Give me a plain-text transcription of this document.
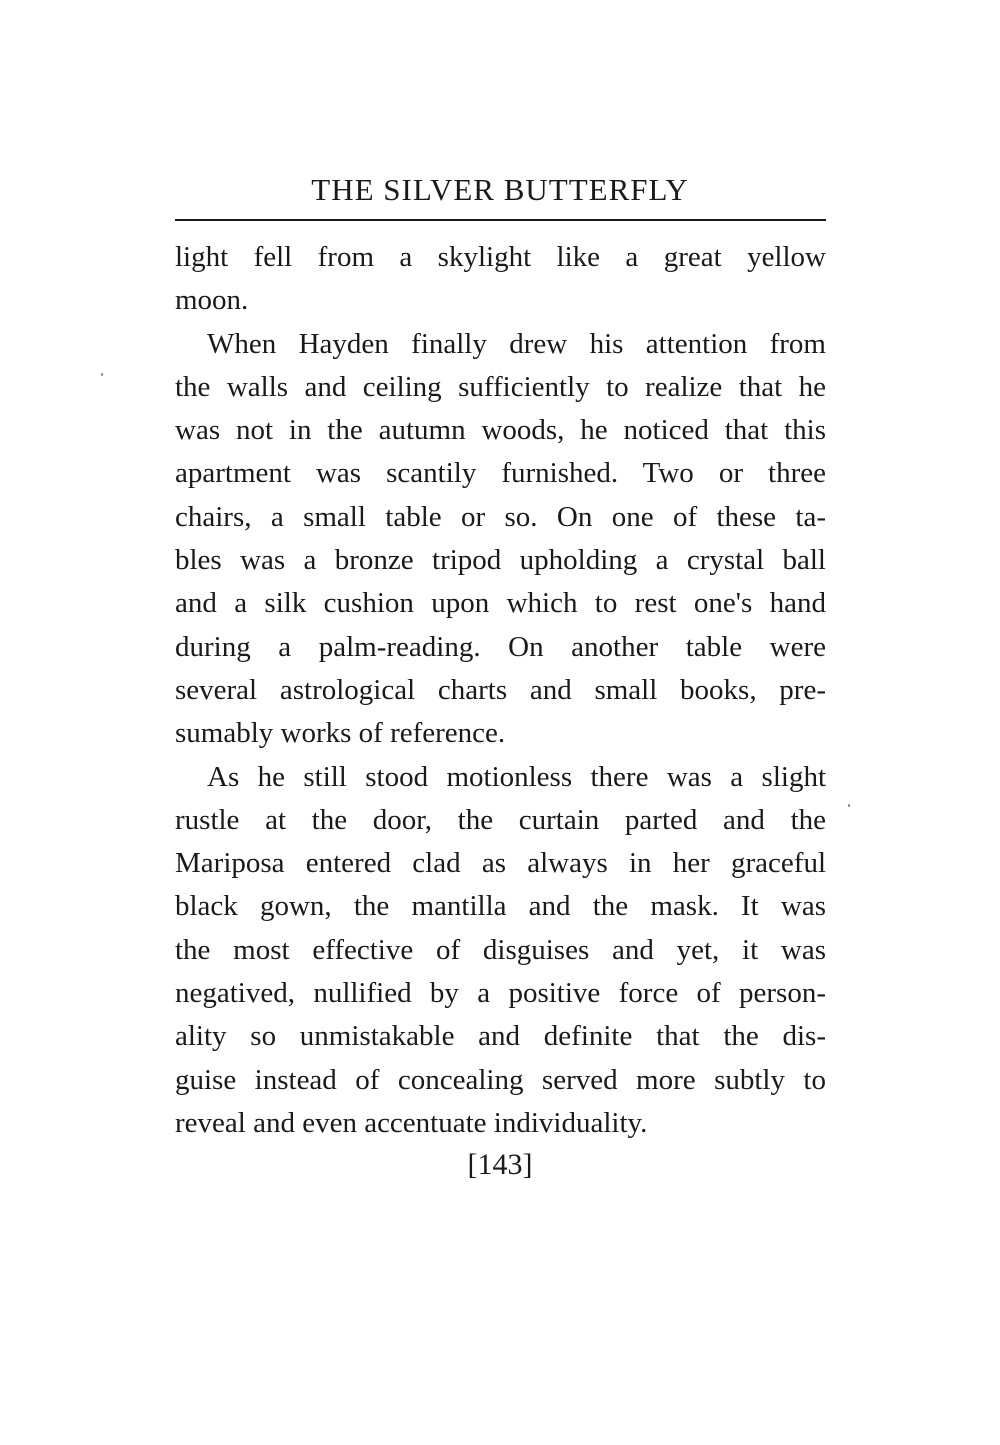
THE SILVER BUTTERFLY
light fell from a skylight like a great yellow
moon.
When Hayden finally drew his attention from
the walls and ceiling sufficiently to realize that he
was not in the autumn woods, he noticed that this
apartment was scantily furnished. Two or three
chairs, a small table or so. On one of these ta-
bles was a bronze tripod upholding a crystal ball
and a silk cushion upon which to rest one's hand
during a palm-reading. On another table were
several astrological charts and small books, pre-
sumably works of reference.
As he still stood motionless there was a slight
rustle at the door, the curtain parted and the
Mariposa entered clad as always in her graceful
black gown, the mantilla and the mask. It was
the most effective of disguises and yet, it was
negatived, nullified by a positive force of person-
ality so unmistakable and definite that the dis-
guise instead of concealing served more subtly to
reveal and even accentuate individuality.
[143]
